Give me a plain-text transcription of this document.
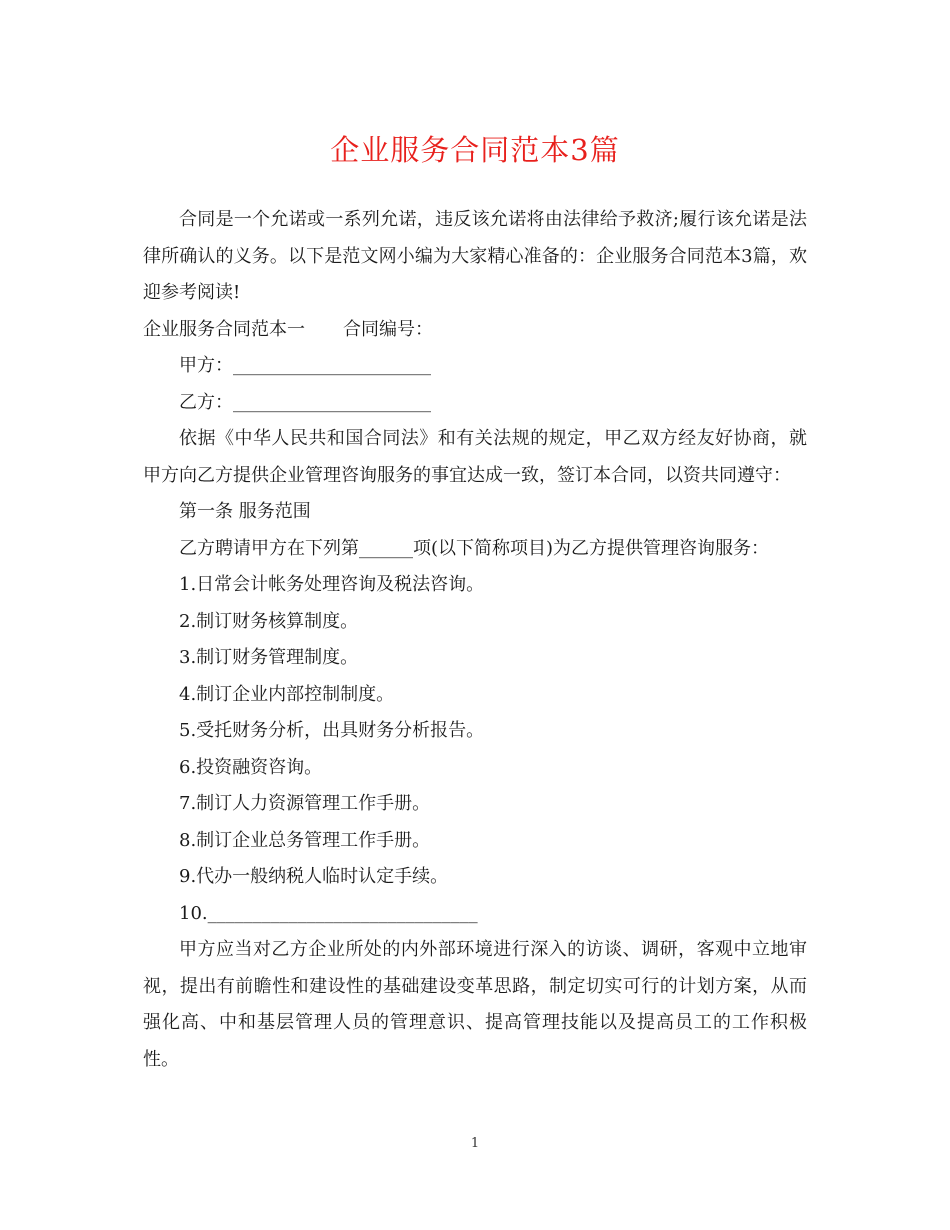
企业服务合同范本3篇

合同是一个允诺或一系列允诺，违反该允诺将由法律给予救济;履行该允诺是法律所确认的义务。以下是范文网小编为大家精心准备的：企业服务合同范本3篇，欢迎参考阅读!

企业服务合同范本一 合同编号：
甲方：______________________
乙方：______________________

依据《中华人民共和国合同法》和有关法规的规定，甲乙双方经友好协商，就甲方向乙方提供企业管理咨询服务的事宜达成一致，签订本合同，以资共同遵守：

第一条 服务范围
乙方聘请甲方在下列第______项(以下简称项目)为乙方提供管理咨询服务：
1.日常会计帐务处理咨询及税法咨询。
2.制订财务核算制度。
3.制订财务管理制度。
4.制订企业内部控制制度。
5.受托财务分析，出具财务分析报告。
6.投资融资咨询。
7.制订人力资源管理工作手册。
8.制订企业总务管理工作手册。
9.代办一般纳税人临时认定手续。
10.______________________________

甲方应当对乙方企业所处的内外部环境进行深入的访谈、调研，客观中立地审视，提出有前瞻性和建设性的基础建设变革思路，制定切实可行的计划方案，从而强化高、中和基层管理人员的管理意识、提高管理技能以及提高员工的工作积极性。

1
